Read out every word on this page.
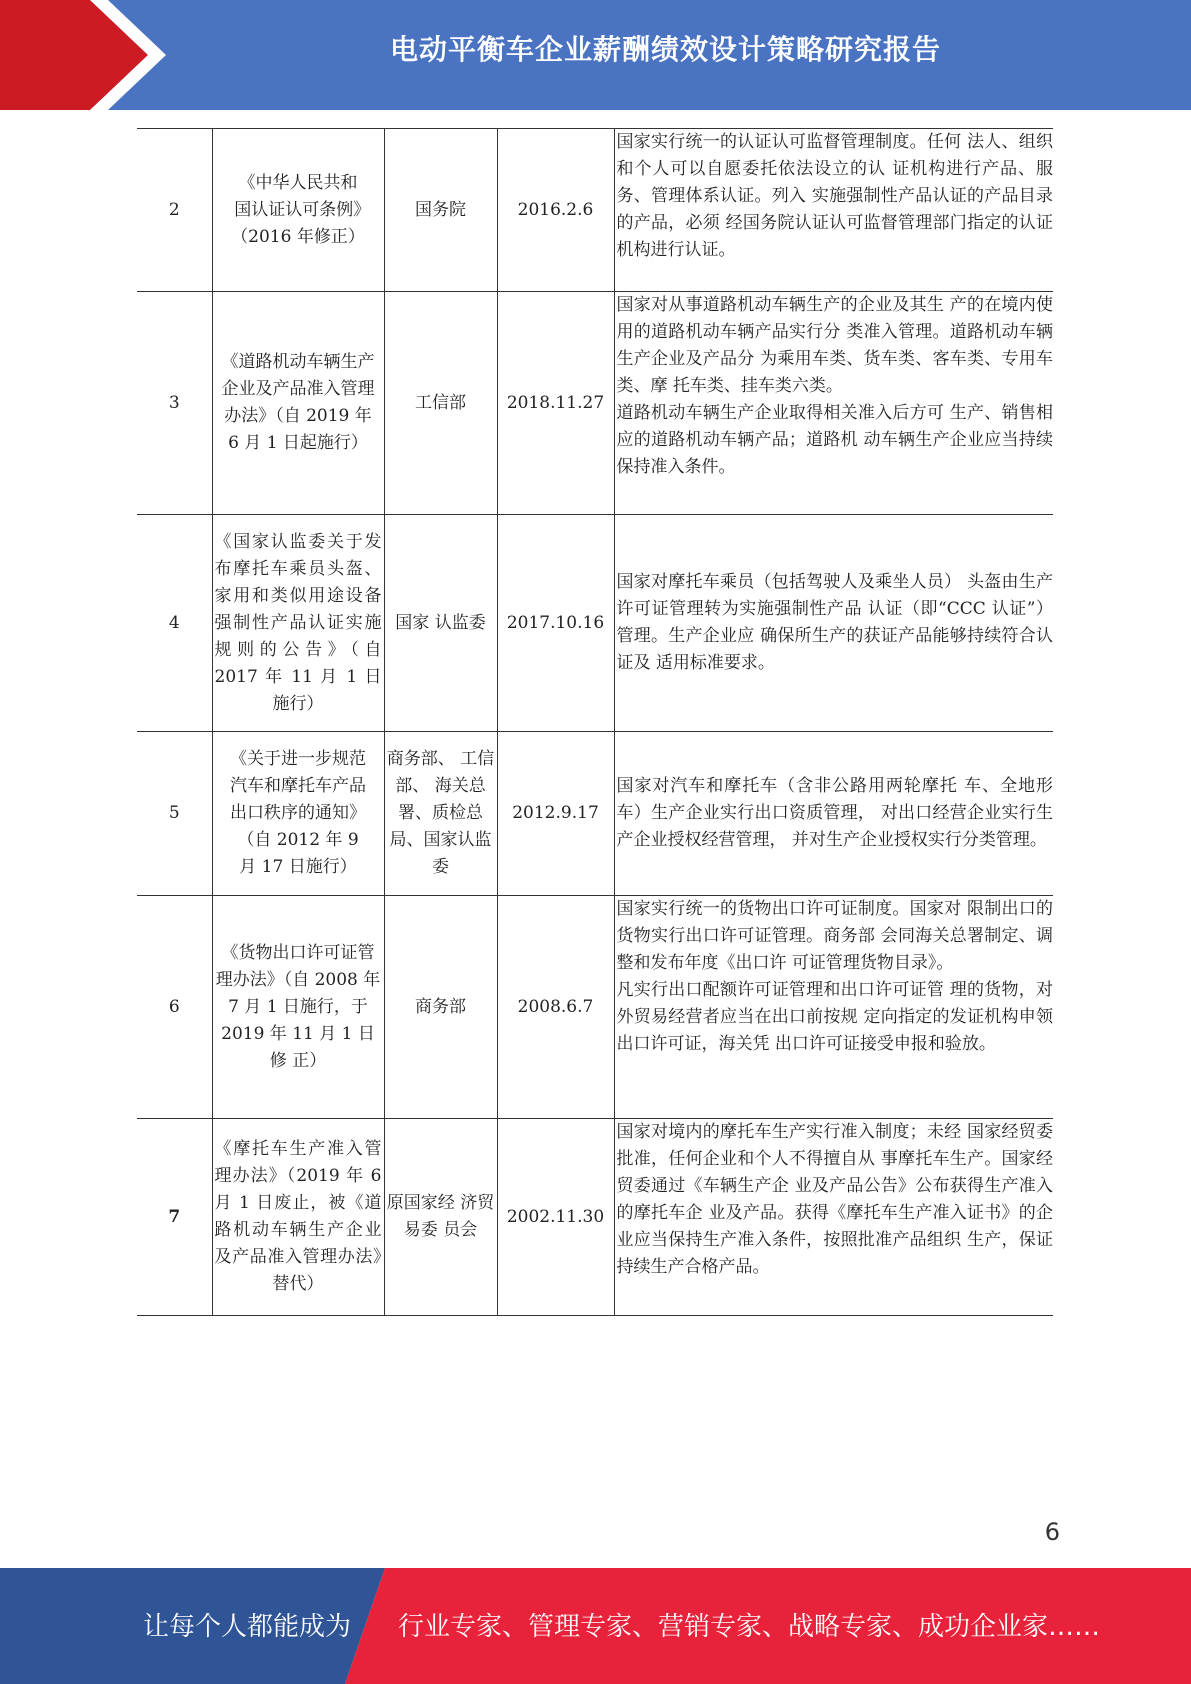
电动平衡车企业薪酬绩效设计策略研究报告
2	《中华人民共和国认证认可条例》（2016 年修正）	国务院	2016.2.6	国家实行统一的认证认可监督管理制度。任何 法人、组织和个人可以自愿委托依法设立的认 证机构进行产品、服务、管理体系认证。列入 实施强制性产品认证的产品目录的产品，必须 经国务院认证认可监督管理部门指定的认证 机构进行认证。

3	《道路机动车辆生产企业及产品准入管理办法》（自 2019 年 6 月 1 日起施行）	工信部	2018.11.27	国家对从事道路机动车辆生产的企业及其生 产的在境内使用的道路机动车辆产品实行分 类准入管理。道路机动车辆生产企业及产品分 为乘用车类、货车类、客车类、专用车类、摩 托车类、挂车类六类。
道路机动车辆生产企业取得相关准入后方可 生产、销售相应的道路机动车辆产品；道路机 动车辆生产企业应当持续保持准入条件。

4	《国家认监委关于发布摩托车乘员头盔、家用和类似用途设备强制性产品认证实施规则的公告》（自 2017 年 11 月 1 日施行）	国家 认监委	2017.10.16	国家对摩托车乘员（包括驾驶人及乘坐人员） 头盔由生产许可证管理转为实施强制性产品 认证（即“CCC 认证”）管理。生产企业应 确保所生产的获证产品能够持续符合认证及 适用标准要求。

5	《关于进一步规范汽车和摩托车产品出口秩序的通知》（自 2012 年 9 月 17 日施行）	商务部、 工信部、 海关总 署、质检总局、国家认监委	2012.9.17	国家对汽车和摩托车（含非公路用两轮摩托 车、全地形车）生产企业实行出口资质管理， 对出口经营企业实行生产企业授权经营管理， 并对生产企业授权实行分类管理。

6	《货物出口许可证管理办法》（自 2008 年 7 月 1 日施行，于 2019 年 11 月 1 日修 正）	商务部	2008.6.7	国家实行统一的货物出口许可证制度。国家对 限制出口的货物实行出口许可证管理。商务部 会同海关总署制定、调整和发布年度《出口许 可证管理货物目录》。
凡实行出口配额许可证管理和出口许可证管 理的货物，对外贸易经营者应当在出口前按规 定向指定的发证机构申领出口许可证，海关凭 出口许可证接受申报和验放。

7	《摩托车生产准入管理办法》（2019 年 6 月 1 日废止，被《道路机动车辆生产企业及产品准入管理办法》替代）	原国家经 济贸易委 员会	2002.11.30	国家对境内的摩托车生产实行准入制度；未经 国家经贸委批准，任何企业和个人不得擅自从 事摩托车生产。国家经贸委通过《车辆生产企 业及产品公告》公布获得生产准入的摩托车企 业及产品。获得《摩托车生产准入证书》的企 业应当保持生产准入条件，按照批准产品组织 生产，保证持续生产合格产品。
6
让每个人都能成为 行业专家、管理专家、营销专家、战略专家、成功企业家……
